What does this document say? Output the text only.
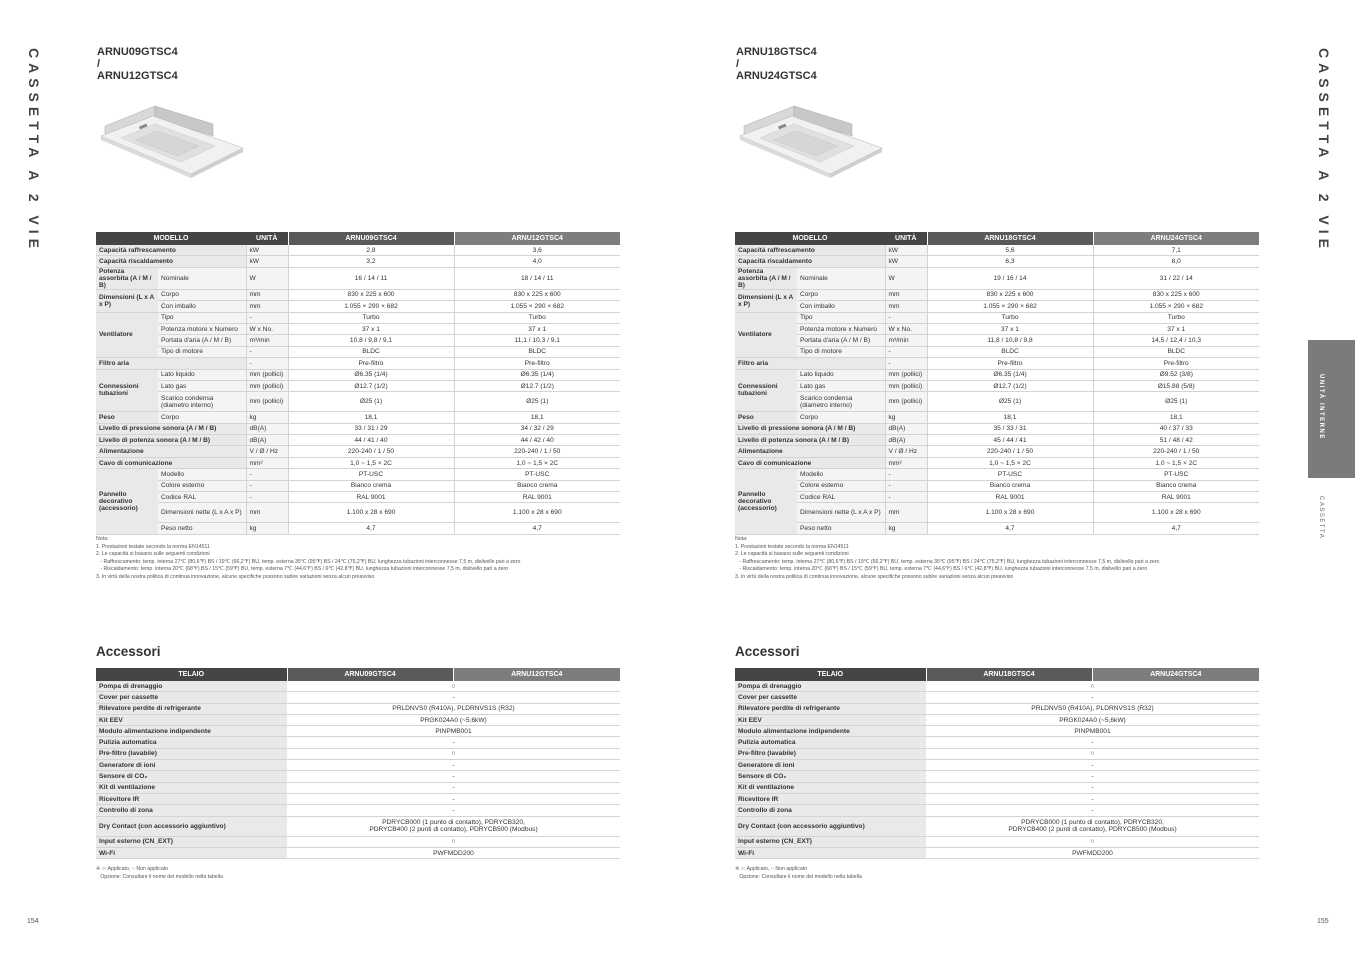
CASSETTA A 2 VIE	ARNU09GTSC4 / ARNU12GTSC4
MODELLO		UNITÀ	ARNU09GTSC4	ARNU12GTSC4
Capacità raffrescamento		kW	2,8	3,6
Capacità riscaldamento		kW	3,2	4,0
Potenza assorbita (A / M / B)	Nominale	W	16 / 14 / 11	18 / 14 / 11
Dimensioni (L x A x P)	Corpo	mm	830 x 225 x 600	830 x 225 x 600
	Con imballo	mm	1.055 × 290 × 682	1.055 × 290 × 682
Ventilatore	Tipo	-	Turbo	Turbo
	Potenza motore x Numero	W x No.	37 x 1	37 x 1
	Portata d'aria (A / M / B)	m³/min	10,8 / 9,8 / 9,1	11,1 / 10,3 / 9,1
	Tipo di motore	-	BLDC	BLDC
Filtro aria		-	Pre-filtro	Pre-filtro
Connessioni tubazioni	Lato liquido	mm (pollici)	Ø6.35 (1/4)	Ø6.35 (1/4)
	Lato gas	mm (pollici)	Ø12.7 (1/2)	Ø12.7 (1/2)
	Scarico condensa (diametro interno)	mm (pollici)	Ø25 (1)	Ø25 (1)
Peso	Corpo	kg	18,1	18,1
Livello di pressione sonora (A / M / B)		dB(A)	33 / 31 / 29	34 / 32 / 29
Livello di potenza sonora (A / M / B)		dB(A)	44 / 41 / 40	44 / 42 / 40
Alimentazione		V / Ø / Hz	220-240 / 1 / 50	220-240 / 1 / 50
Cavo di comunicazione		mm²	1,0 ~ 1,5 × 2C	1,0 ~ 1,5 × 2C
Pannello decorativo (accessorio)	Modello	-	PT-USC	PT-USC
	Colore esterno	-	Bianco crema	Bianco crema
	Codice RAL	-	RAL 9001	RAL 9001
	Dimensioni nette (L x A x P)	mm	1.100 x 28 x 690	1.100 x 28 x 690
	Peso netto	kg	4,7	4,7
Nota:
1. Prestazioni testate secondo la norma EN14511
2. Le capacità si basano sulle seguenti condizioni
- Raffrescamento: temp. interna 27℃ (80,6℉) BS / 19℃ (66,2℉) BU, temp. esterna 35℃ (95℉) BS / 24℃ (75,2℉) BU, lunghezza tubazioni interconnesse 7,5 m, dislivello pari a zero
- Riscaldamento: temp. interna 20℃ (68℉) BS / 15℃ (59℉) BU, temp. esterna 7℃ (44,6℉) BS / 6℃ (42,8℉) BU, lunghezza tubazioni interconnesse 7,5 m, dislivello pari a zero
3. In virtù della nostra politica di continua innovazione, alcune specifiche possono subire variazioni senza alcun preavviso
Accessori
TELAIO	ARNU09GTSC4	ARNU12GTSC4
Pompa di drenaggio	○	
Cover per cassette	-	
Rilevatore perdite di refrigerante	PRLDNVS0 (R410A), PLDRNVS1S (R32)	
Kit EEV	PRGK024A0 (~5,6kW)	
Modulo alimentazione indipendente	PINPMB001	
Pulizia automatica	-	
Pre-filtro (lavabile)	○	
Generatore di ioni	-	
Sensore di CO₂	-	
Kit di ventilazione	-	
Ricevitore IR	-	
Controllo di zona	-	
Dry Contact (con accessorio aggiuntivo)	PDRYCB000 (1 punto di contatto), PDRYCB320,
PDRYCB400 (2 punti di contatto), PDRYCB500 (Modbus)	
Input esterno (CN_EXT)	○	
Wi-Fi	PWFMDD200	
※ ○: Applicato, -: Non applicato
Opzione: Consultare il nome del modello nella tabella
154
CASSETTA A 2 VIE
ARNU18GTSC4 / ARNU24GTSC4
MODELLO		UNITÀ	ARNU18GTSC4	ARNU24GTSC4
Capacità raffrescamento		kW	5,6	7,1
Capacità riscaldamento		kW	6,3	8,0
Potenza assorbita (A / M / B)	Nominale	W	19 / 16 / 14	31 / 22 / 14
Dimensioni (L x A x P)	Corpo	mm	830 x 225 x 600	830 x 225 x 600
	Con imballo	mm	1.055 × 290 × 682	1.055 × 290 × 682
Ventilatore	Tipo	-	Turbo	Turbo
	Potenza motore x Numero	W x No.	37 x 1	37 x 1
	Portata d'aria (A / M / B)	m³/min	11,8 / 10,8 / 9,8	14,5 / 12,4 / 10,3
	Tipo di motore	-	BLDC	BLDC
Filtro aria		-	Pre-filtro	Pre-filtro
Connessioni tubazioni	Lato liquido	mm (pollici)	Ø6.35 (1/4)	Ø9.52 (3/8)
	Lato gas	mm (pollici)	Ø12.7 (1/2)	Ø15.88 (5/8)
	Scarico condensa (diametro interno)	mm (pollici)	Ø25 (1)	Ø25 (1)
Peso	Corpo	kg	18,1	18,1
Livello di pressione sonora (A / M / B)		dB(A)	35 / 33 / 31	40 / 37 / 33
Livello di potenza sonora (A / M / B)		dB(A)	45 / 44 / 41	51 / 48 / 42
Alimentazione		V / Ø / Hz	220-240 / 1 / 50	220-240 / 1 / 50
Cavo di comunicazione		mm²	1,0 ~ 1,5 × 2C	1,0 ~ 1,5 × 2C
Pannello decorativo (accessorio)	Modello	-	PT-USC	PT-USC
	Colore esterno	-	Bianco crema	Bianco crema
	Codice RAL	-	RAL 9001	RAL 9001
	Dimensioni nette (L x A x P)	mm	1.100 x 28 x 690	1.100 x 28 x 690
	Peso netto	kg	4,7	4,7
Nota:
1. Prestazioni testate secondo la norma EN14511
2. Le capacità si basano sulle seguenti condizioni
- Raffrescamento: temp. interna 27℃ (80,6℉) BS / 19℃ (66,2℉) BU, temp. esterna 35℃ (95℉) BS / 24℃ (75,2℉) BU, lunghezza tubazioni interconnesse 7,5 m, dislivello pari a zero
- Riscaldamento: temp. interna 20℃ (68℉) BS / 15℃ (59℉) BU, temp. esterna 7℃ (44,6℉) BS / 6℃ (42,8℉) BU, lunghezza tubazioni interconnesse 7,5 m, dislivello pari a zero
3. In virtù della nostra politica di continua innovazione, alcune specifiche possono subire variazioni senza alcun preavviso
Accessori
TELAIO	ARNU18GTSC4	ARNU24GTSC4
Pompa di drenaggio	○	
Cover per cassette	-	
Rilevatore perdite di refrigerante	PRLDNVS0 (R410A), PLDRNVS1S (R32)	
Kit EEV	PRGK024A0 (~5,6kW)	
Modulo alimentazione indipendente	PINPMB001	
Pulizia automatica	-	
Pre-filtro (lavabile)	○	
Generatore di ioni	-	
Sensore di CO₂	-	
Kit di ventilazione	-	
Ricevitore IR	-	
Controllo di zona	-	
Dry Contact (con accessorio aggiuntivo)	PDRYCB000 (1 punto di contatto), PDRYCB320,
PDRYCB400 (2 punti di contatto), PDRYCB500 (Modbus)	
Input esterno (CN_EXT)	○	
Wi-Fi	PWFMDD200	
※ ○: Applicato, -: Non applicato
Opzione: Consultare il nome del modello nella tabella
155
UNITÀ INTERNE
CASSETTA
